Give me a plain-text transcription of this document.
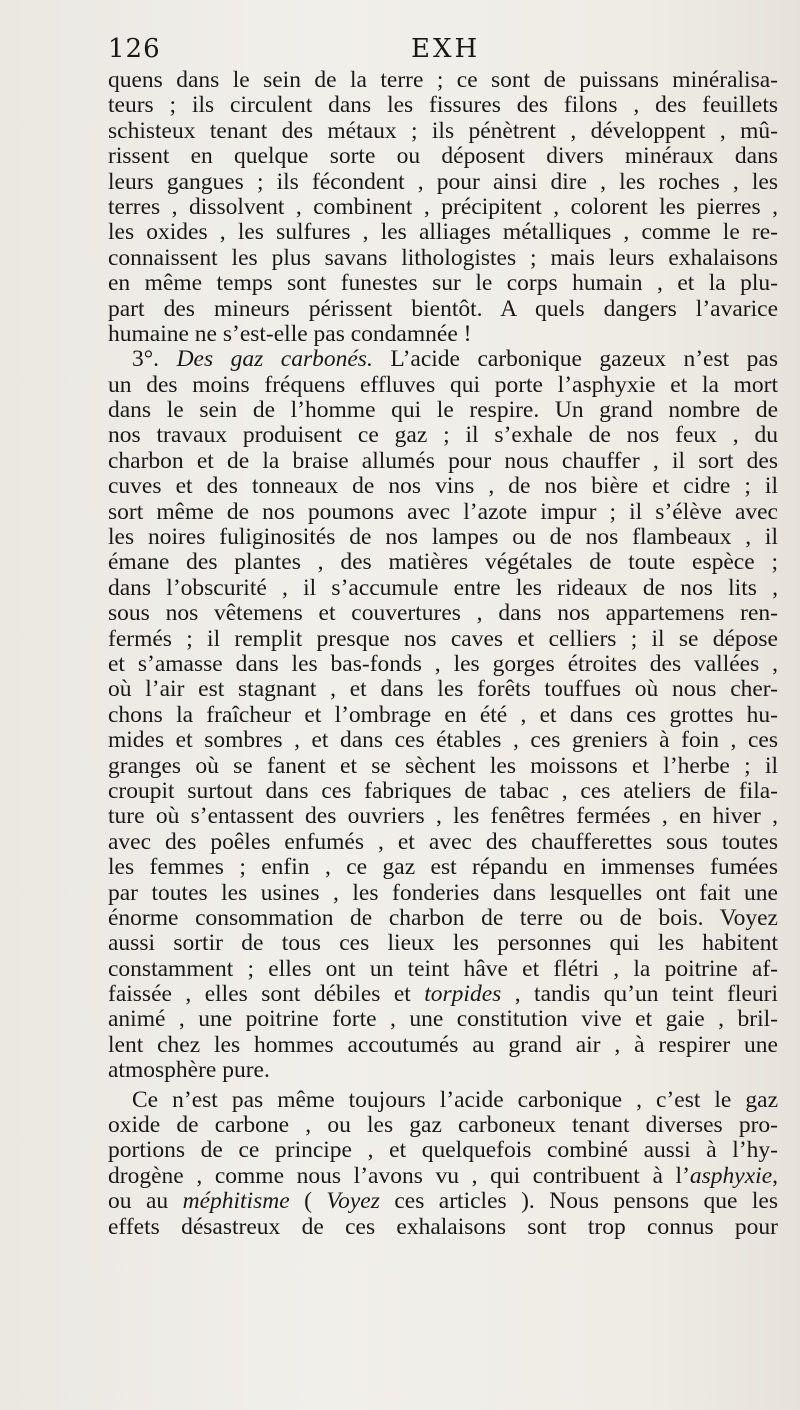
126	EXH
quens dans le sein de la terre ; ce sont de puissans minéralisa-
teurs ; ils circulent dans les fissures des filons , des feuillets
schisteux tenant des métaux ; ils pénètrent , développent , mû-
rissent en quelque sorte ou déposent divers minéraux dans
leurs gangues ; ils fécondent , pour ainsi dire , les roches , les
terres , dissolvent , combinent , précipitent , colorent les pierres ,
les oxides , les sulfures , les alliages métalliques , comme le re-
connaissent les plus savans lithologistes ; mais leurs exhalaisons
en même temps sont funestes sur le corps humain , et la plu-
part des mineurs périssent bientôt. A quels dangers l’avarice
humaine ne s’est-elle pas condamnée !
3°. Des gaz carbonés. L’acide carbonique gazeux n’est pas
un des moins fréquens effluves qui porte l’asphyxie et la mort
dans le sein de l’homme qui le respire. Un grand nombre de
nos travaux produisent ce gaz ; il s’exhale de nos feux , du
charbon et de la braise allumés pour nous chauffer , il sort des
cuves et des tonneaux de nos vins , de nos bière et cidre ; il
sort même de nos poumons avec l’azote impur ; il s’élève avec
les noires fuliginosités de nos lampes ou de nos flambeaux , il
émane des plantes , des matières végétales de toute espèce ;
dans l’obscurité , il s’accumule entre les rideaux de nos lits ,
sous nos vêtemens et couvertures , dans nos appartemens ren-
fermés ; il remplit presque nos caves et celliers ; il se dépose
et s’amasse dans les bas-fonds , les gorges étroites des vallées ,
où l’air est stagnant , et dans les forêts touffues où nous cher-
chons la fraîcheur et l’ombrage en été , et dans ces grottes hu-
mides et sombres , et dans ces étables , ces greniers à foin , ces
granges où se fanent et se sèchent les moissons et l’herbe ; il
croupit surtout dans ces fabriques de tabac , ces ateliers de fila-
ture où s’entassent des ouvriers , les fenêtres fermées , en hiver ,
avec des poêles enfumés , et avec des chaufferettes sous toutes
les femmes ; enfin , ce gaz est répandu en immenses fumées
par toutes les usines , les fonderies dans lesquelles ont fait une
énorme consommation de charbon de terre ou de bois. Voyez
aussi sortir de tous ces lieux les personnes qui les habitent
constamment ; elles ont un teint hâve et flétri , la poitrine af-
faissée , elles sont débiles et torpides , tandis qu’un teint fleuri
animé , une poitrine forte , une constitution vive et gaie , bril-
lent chez les hommes accoutumés au grand air , à respirer une
atmosphère pure.
Ce n’est pas même toujours l’acide carbonique , c’est le gaz
oxide de carbone , ou les gaz carboneux tenant diverses pro-
portions de ce principe , et quelquefois combiné aussi à l’hy-
drogène , comme nous l’avons vu , qui contribuent à l’asphyxie,
ou au méphitisme ( Voyez ces articles ). Nous pensons que les
effets désastreux de ces exhalaisons sont trop connus pour
